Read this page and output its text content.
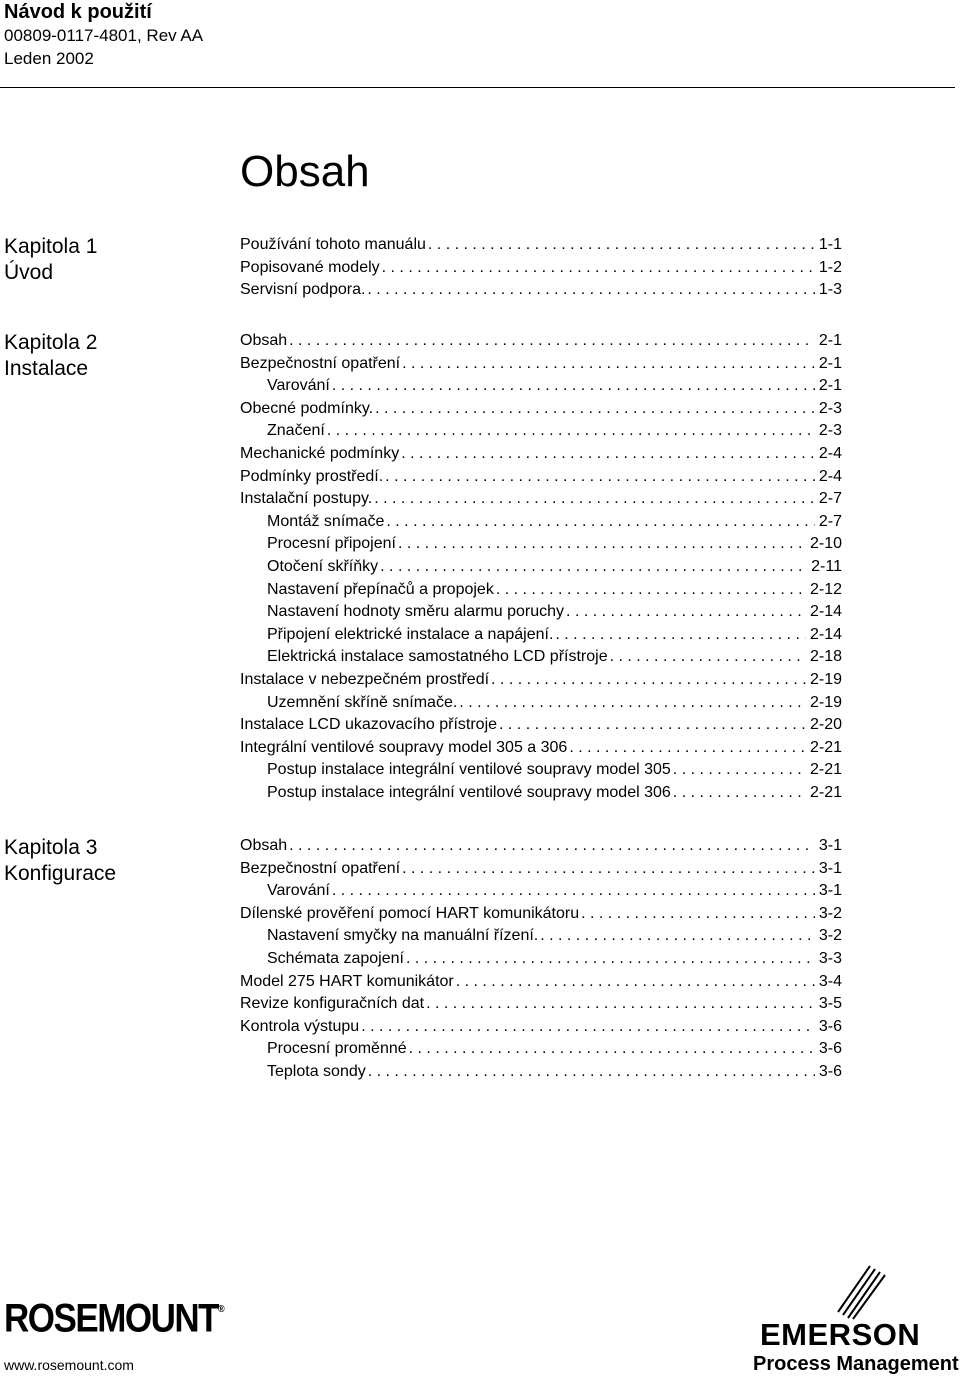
Návod k použití
00809-0117-4801, Rev AA
Leden 2002
Obsah
Kapitola 1
Úvod
Používání tohoto manuálu . . .	1-1
Popisované modely . . .	1-2
Servisní podpora. . . .	1-3
Kapitola 2
Instalace
Obsah . . .	2-1
Bezpečnostní opatření . . .	2-1
Varování . . .	2-1
Obecné podmínky. . . .	2-3
Značení . . .	2-3
Mechanické podmínky . . .	2-4
Podmínky prostředí. . . .	2-4
Instalační postupy. . . .	2-7
Montáž snímače . . .	2-7
Procesní připojení . . .	2-10
Otočení skříňky . . .	2-11
Nastavení přepínačů a propojek . . .	2-12
Nastavení hodnoty směru alarmu poruchy . . .	2-14
Připojení elektrické instalace a napájení. . . .	2-14
Elektrická instalace samostatného LCD přístroje . . .	2-18
Instalace v nebezpečném prostředí . . .	2-19
Uzemnění skříně snímače. . . .	2-19
Instalace LCD ukazovacího přístroje . . .	2-20
Integrální ventilové soupravy model 305 a 306 . . .	2-21
Postup instalace integrální ventilové soupravy model 305 . . .	2-21
Postup instalace integrální ventilové soupravy model 306 . . .	2-21
Kapitola 3
Konfigurace
Obsah . . .	3-1
Bezpečnostní opatření . . .	3-1
Varování . . .	3-1
Dílenské prověření pomocí HART komunikátoru . . .	3-2
Nastavení smyčky na manuální řízení. . . .	3-2
Schémata zapojení . . .	3-3
Model 275 HART komunikátor . . .	3-4
Revize konfiguračních dat . . .	3-5
Kontrola výstupu . . .	3-6
Procesní proměnné . . .	3-6
Teplota sondy . . .	3-6
ROSEMOUNT®
www.rosemount.com
EMERSON
Process Management
